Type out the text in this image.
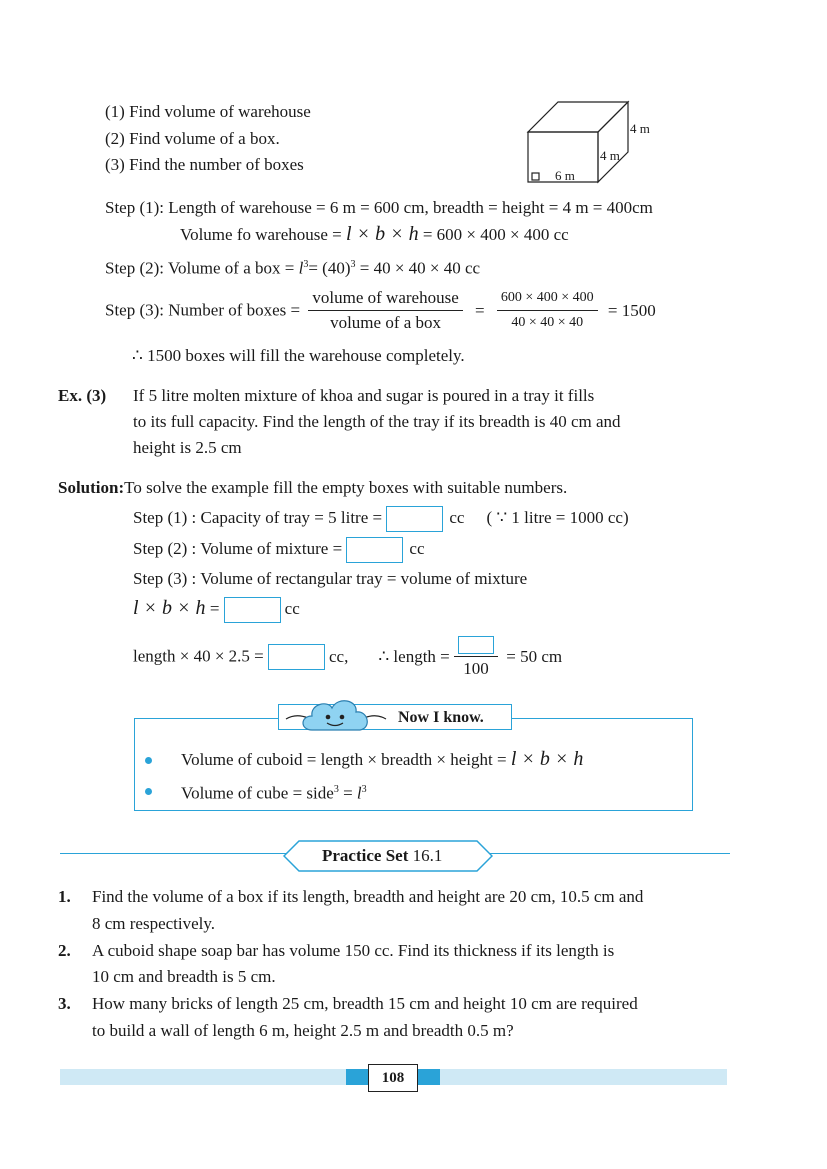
(1) Find volume of warehouse
(2) Find volume of a box.
(3) Find the number of boxes
4 m
4 m
6 m
Step (1): Length of warehouse = 6 m = 600 cm, breadth = height = 4 m = 400cm
Volume fo warehouse = l × b × h = 600 × 400 × 400 cc
Step (2): Volume of a box = $l^3= (40)^3 = 40 \times 40 \times 40$ cc
Step (3): Number of boxes = $\frac{\text{volume of warehouse}}{\text{volume of a box}} = \frac{600 \times 400 \times 400}{40 \times 40 \times 40} = 1500$
∴ 1500 boxes will fill the warehouse completely.
Ex. (3) If 5 litre molten mixture of khoa and sugar is poured in a tray it fills
to its full capacity. Find the length of the tray if its breadth is 40 cm and
height is 2.5 cm
Solution:To solve the example fill the empty boxes with suitable numbers.
Step (1) : Capacity of tray = 5 litre =	cc ( ∵ 1 litre = 1000 cc)
Step (2) : Volume of mixture =	cc
Step (3) : Volume of rectangular tray = volume of mixture
l × b × h =	cc
length × 40 × 2.5 =	cc, ∴ length =
100
= 50 cm
Now I know.
Volume of cuboid = length × breadth × height = l × b × h
Volume of cube = side$^3$ = $l^3$
Practice Set 16.1
1. Find the volume of a box if its length, breadth and height are 20 cm, 10.5 cm and
8 cm respectively.
2. A cuboid shape soap bar has volume 150 cc. Find its thickness if its length is
10 cm and breadth is 5 cm.
3. How many bricks of length 25 cm, breadth 15 cm and height 10 cm are required
to build a wall of length 6 m, height 2.5 m and breadth 0.5 m?
108
